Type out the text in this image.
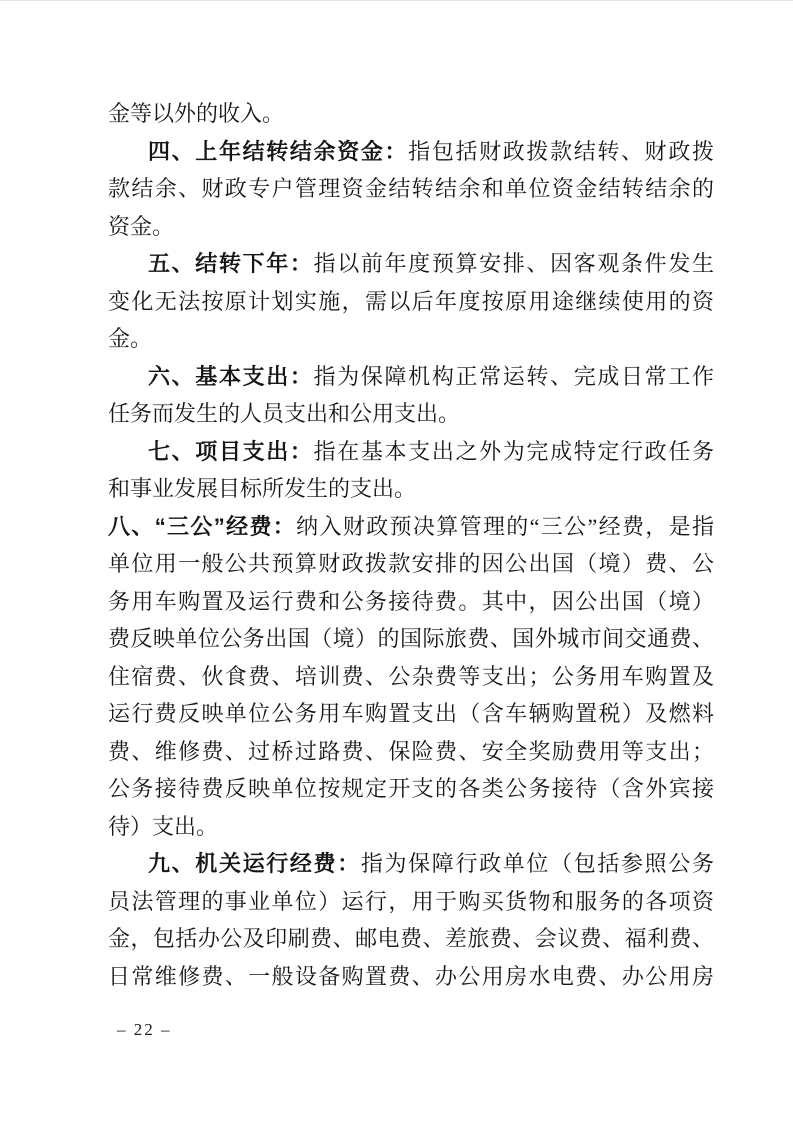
金等以外的收入。
四、上年结转结余资金：指包括财政拨款结转、财政拨
款结余、财政专户管理资金结转结余和单位资金结转结余的
资金。
五、结转下年：指以前年度预算安排、因客观条件发生
变化无法按原计划实施，需以后年度按原用途继续使用的资
金。
六、基本支出：指为保障机构正常运转、完成日常工作
任务而发生的人员支出和公用支出。
七、项目支出：指在基本支出之外为完成特定行政任务
和事业发展目标所发生的支出。
八、“三公”经费：纳入财政预决算管理的“三公”经费，是指
单位用一般公共预算财政拨款安排的因公出国（境）费、公
务用车购置及运行费和公务接待费。其中，因公出国（境）
费反映单位公务出国（境）的国际旅费、国外城市间交通费、
住宿费、伙食费、培训费、公杂费等支出；公务用车购置及
运行费反映单位公务用车购置支出（含车辆购置税）及燃料
费、维修费、过桥过路费、保险费、安全奖励费用等支出；
公务接待费反映单位按规定开支的各类公务接待（含外宾接
待）支出。
九、机关运行经费：指为保障行政单位（包括参照公务
员法管理的事业单位）运行，用于购买货物和服务的各项资
金，包括办公及印刷费、邮电费、差旅费、会议费、福利费、
日常维修费、一般设备购置费、办公用房水电费、办公用房
– 22 –
